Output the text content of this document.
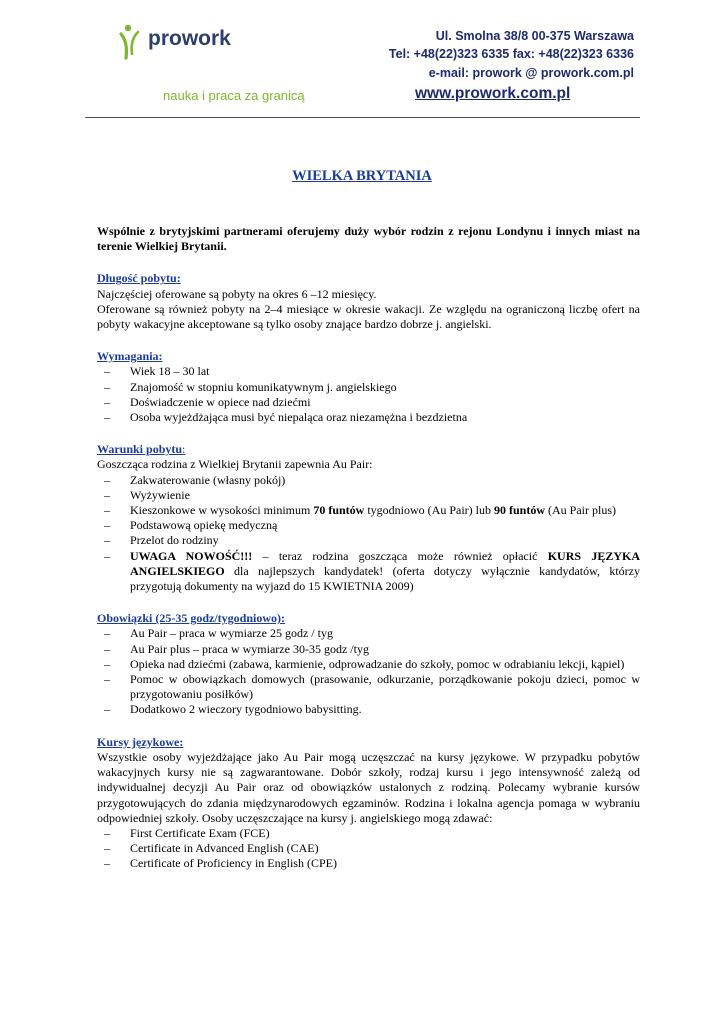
prowork
nauka i praca za granicą
Ul. Smolna 38/8 00-375 Warszawa
Tel: +48(22)323 6335 fax: +48(22)323 6336
e-mail: prowork @ prowork.com.pl
www.prowork.com.pl
WIELKA BRYTANIA

Wspólnie z brytyjskimi partnerami oferujemy duży wybór rodzin z rejonu Londynu i innych miast na terenie Wielkiej Brytanii.

Długość pobytu:

Najczęściej oferowane są pobyty na okres 6 –12 miesięcy.

Oferowane są również pobyty na 2–4 miesiące w okresie wakacji. Ze względu na ograniczoną liczbę ofert na pobyty wakacyjne akceptowane są tylko osoby znające bardzo dobrze j. angielski.

Wymagania:
– Wiek 18 – 30 lat
– Znajomość w stopniu komunikatywnym j. angielskiego
– Doświadczenie w opiece nad dziećmi
– Osoba wyjeżdżająca musi być niepaląca oraz niezamężna i bezdzietna
Warunki pobytu:

Goszcząca rodzina z Wielkiej Brytanii zapewnia Au Pair:

– Zakwaterowanie (własny pokój)
– Wyżywienie
– Kieszonkowe w wysokości minimum 70 funtów tygodniowo (Au Pair) lub 90 funtów (Au Pair plus)
– Podstawową opiekę medyczną
– Przelot do rodziny
– UWAGA NOWOŚĆ!!! – teraz rodzina goszcząca może również opłacić KURS JĘZYKA ANGIELSKIEGO dla najlepszych kandydatek! (oferta dotyczy wyłącznie kandydatów, którzy przygotują dokumenty na wyjazd do 15 KWIETNIA 2009)
Obowiązki (25-35 godz/tygodniowo):
– Au Pair – praca w wymiarze 25 godz / tyg
– Au Pair plus – praca w wymiarze 30-35 godz /tyg
– Opieka nad dziećmi (zabawa, karmienie, odprowadzanie do szkoły, pomoc w odrabianiu lekcji, kąpiel)
– Pomoc w obowiązkach domowych (prasowanie, odkurzanie, porządkowanie pokoju dzieci, pomoc w przygotowaniu posiłków)
– Dodatkowo 2 wieczory tygodniowo babysitting.
Kursy językowe:

Wszystkie osoby wyjeżdżające jako Au Pair mogą uczęszczać na kursy językowe. W przypadku pobytów wakacyjnych kursy nie są zagwarantowane. Dobór szkoły, rodzaj kursu i jego intensywność zależą od indywidualnej decyzji Au Pair oraz od obowiązków ustalonych z rodziną. Polecamy wybranie kursów przygotowujących do zdania międzynarodowych egzaminów. Rodzina i lokalna agencja pomaga w wybraniu odpowiedniej szkoły. Osoby uczęszczające na kursy j. angielskiego mogą zdawać:

– First Certificate Exam (FCE)
– Certificate in Advanced English (CAE)
– Certificate of Proficiency in English (CPE)
